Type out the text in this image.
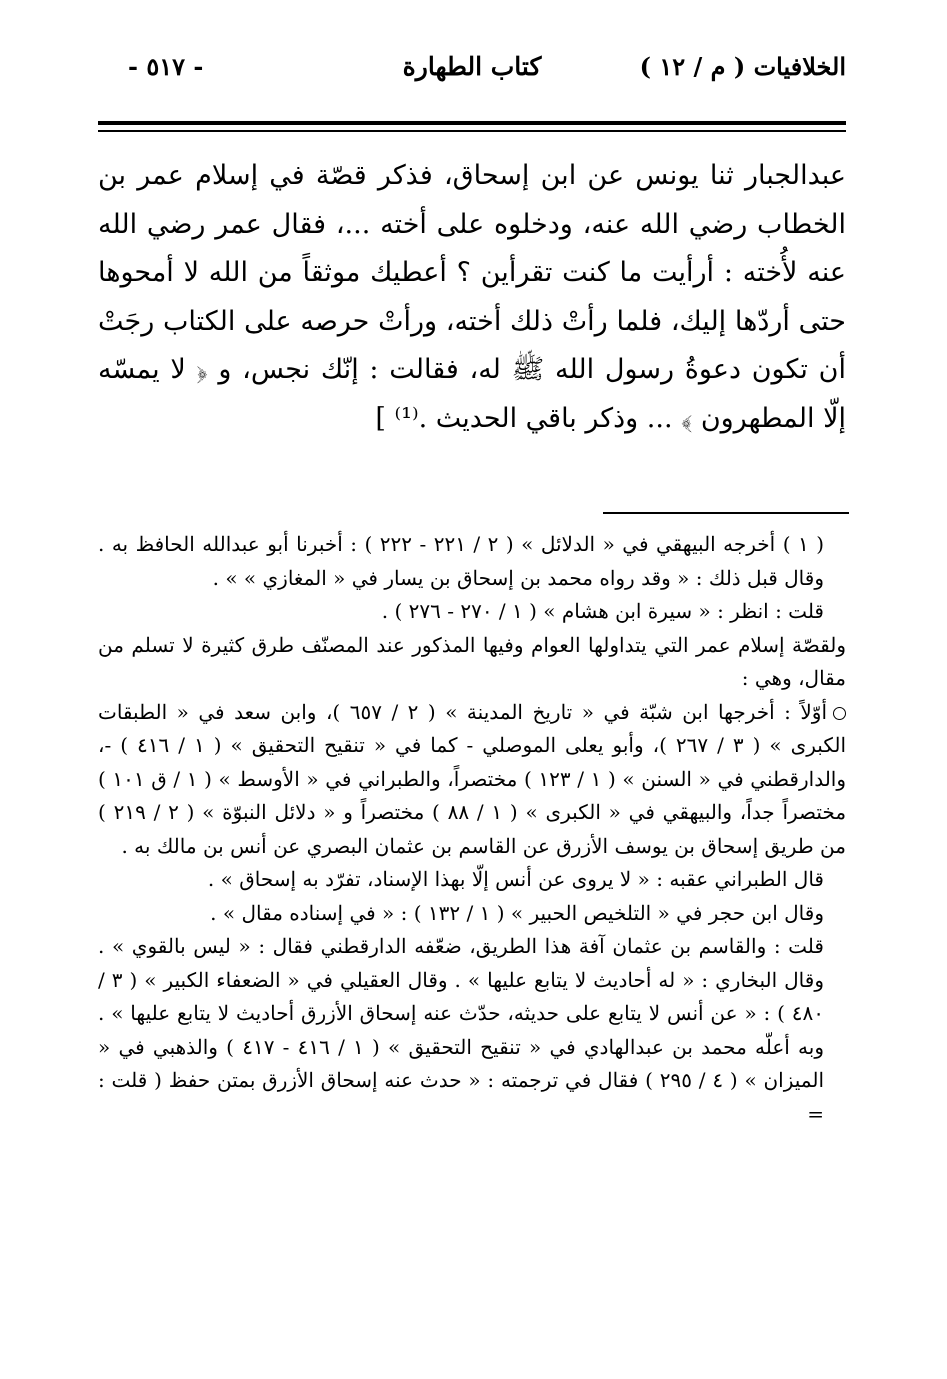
الخلافيات ( م / ١٢ )
كتاب الطهارة
- ٥١٧ -

عبدالجبار ثنا يونس عن ابن إسحاق، فذكر قصّة في إسلام عمر بن الخطاب رضي الله عنه، ودخلوه على أخته ...، فقال عمر رضي الله عنه لأُخته : أرأيت ما كنت تقرأين ؟ أعطيك موثقاً من الله لا أمحوها حتى أردّها إليك، فلما رأتْ ذلك أخته، ورأتْ حرصه على الكتاب رجَتْ أن تكون دعوةُ رسول الله ﷺ له، فقالت : إنّك نجس، و ﴿ لا يمسّه إلّا المطهرون ﴾ ... وذكر باقي الحديث .⁽¹⁾ ]

( ١ ) أخرجه البيهقي في « الدلائل » ( ٢ / ٢٢١ - ٢٢٢ ) : أخبرنا أبو عبدالله الحافظ به . وقال قبل ذلك : « وقد رواه محمد بن إسحاق بن يسار في « المغازي » » .

قلت : انظر : « سيرة ابن هشام » ( ١ / ٢٧٠ - ٢٧٦ ) .

ولقصّة إسلام عمر التي يتداولها العوام وفيها المذكور عند المصنّف طرق كثيرة لا تسلم من مقال، وهي :

أوّلاً : أخرجها ابن شبّة في « تاريخ المدينة » ( ٢ / ٦٥٧ )، وابن سعد في « الطبقات الكبرى » ( ٣ / ٢٦٧ )، وأبو يعلى الموصلي - كما في « تنقيح التحقيق » ( ١ / ٤١٦ ) -، والدارقطني في « السنن » ( ١ / ١٢٣ ) مختصراً، والطبراني في « الأوسط » ( ١ / ق ١٠١ ) مختصراً جداً، والبيهقي في « الكبرى » ( ١ / ٨٨ ) مختصراً و « دلائل النبوّة » ( ٢ / ٢١٩ ) من طريق إسحاق بن يوسف الأزرق عن القاسم بن عثمان البصري عن أنس بن مالك به .

قال الطبراني عقبه : « لا يروى عن أنس إلّا بهذا الإسناد، تفرّد به إسحاق » .

وقال ابن حجر في « التلخيص الحبير » ( ١ / ١٣٢ ) : « في إسناده مقال » .

قلت : والقاسم بن عثمان آفة هذا الطريق، ضعّفه الدارقطني فقال : « ليس بالقوي » . وقال البخاري : « له أحاديث لا يتابع عليها » . وقال العقيلي في « الضعفاء الكبير » ( ٣ / ٤٨٠ ) : « عن أنس لا يتابع على حديثه، حدّث عنه إسحاق الأزرق أحاديث لا يتابع عليها » . وبه أعلّه محمد بن عبدالهادي في « تنقيح التحقيق » ( ١ / ٤١٦ - ٤١٧ ) والذهبي في « الميزان » ( ٤ / ٢٩٥ ) فقال في ترجمته : « حدث عنه إسحاق الأزرق بمتن حفظ ( قلت : =
